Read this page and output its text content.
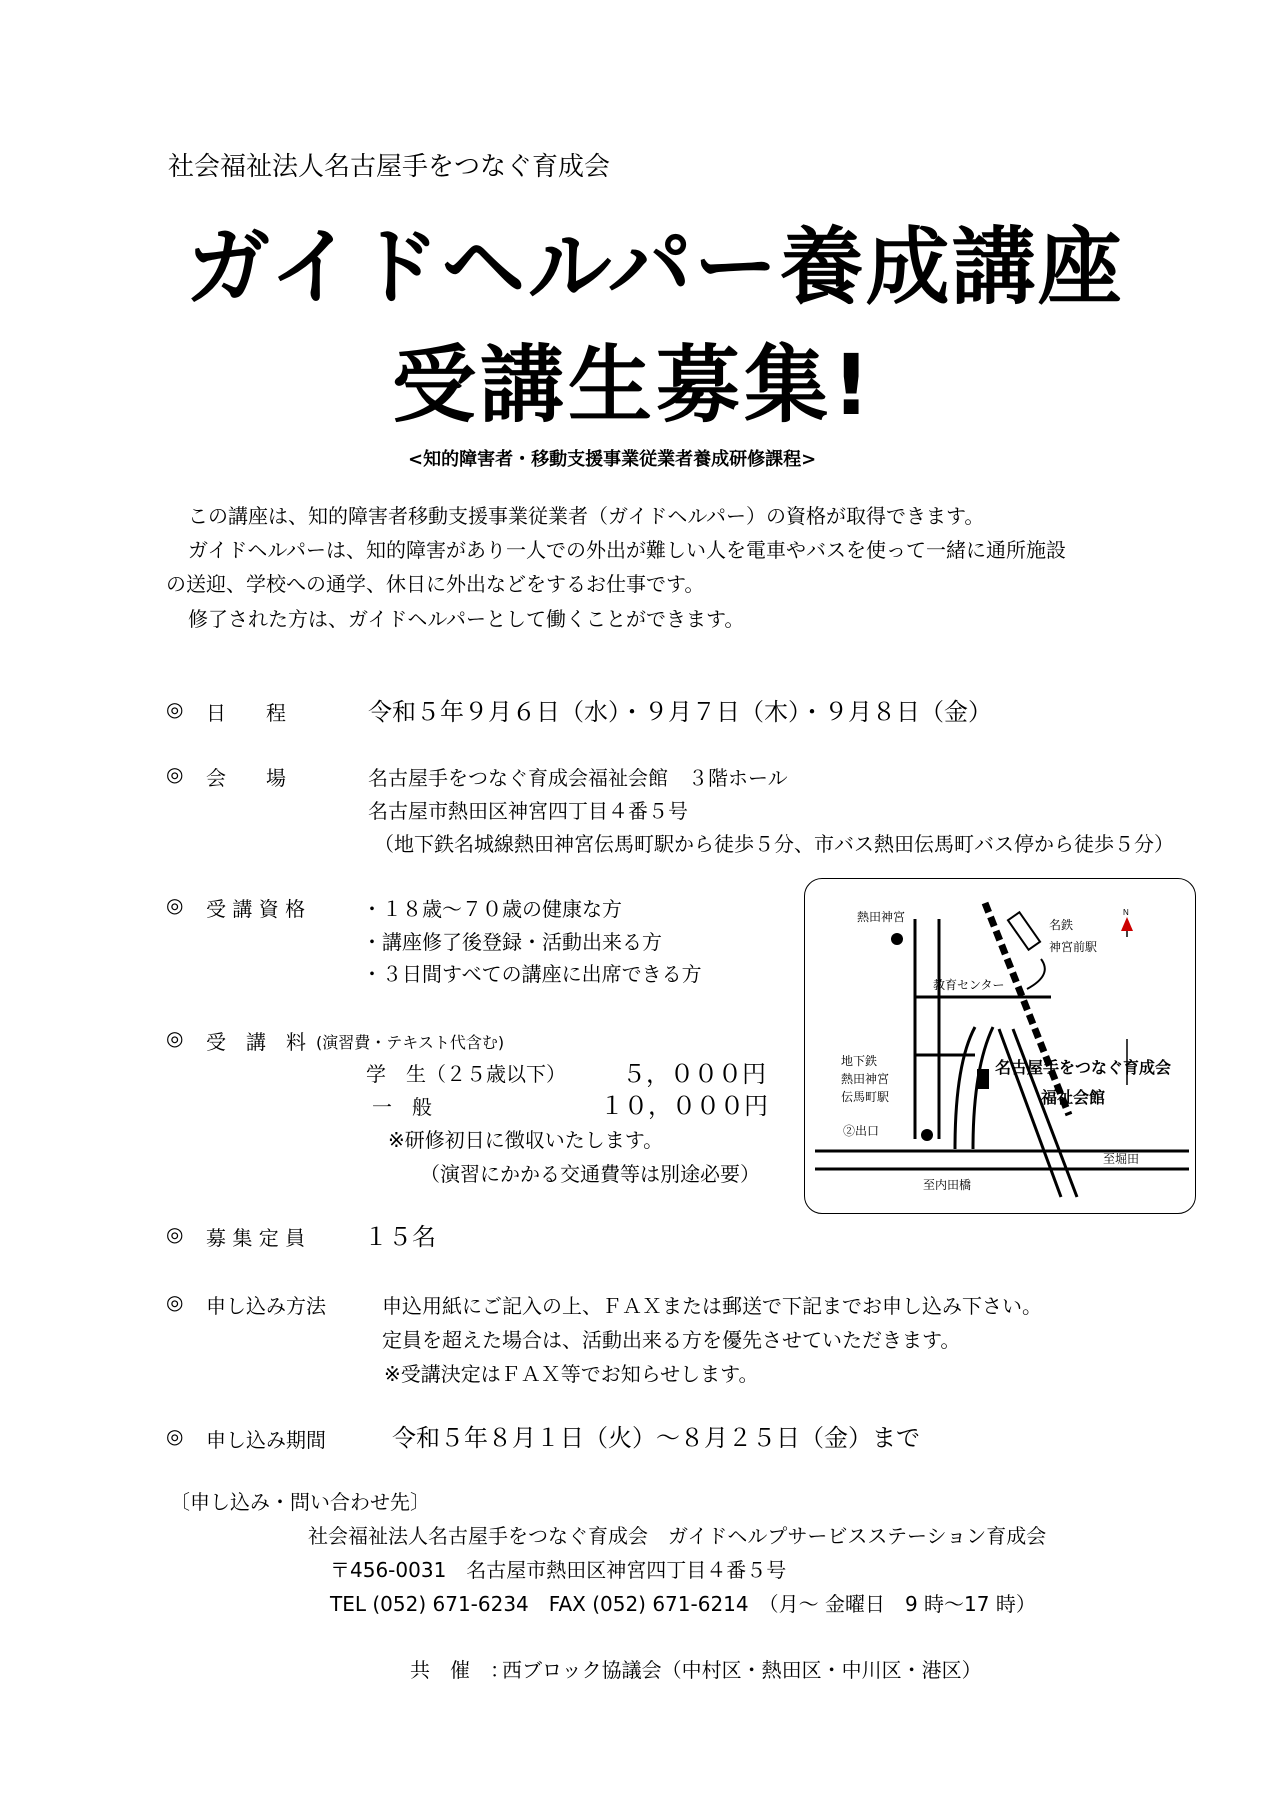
社会福祉法人名古屋手をつなぐ育成会
ガイドヘルパー養成講座
受講生募集!
<知的障害者・移動支援事業従業者養成研修課程>
この講座は、知的障害者移動支援事業従業者（ガイドヘルパー）の資格が取得できます。
ガイドヘルパーは、知的障害があり一人での外出が難しい人を電車やバスを使って一緒に通所施設
の送迎、学校への通学、休日に外出などをするお仕事です。
修了された方は、ガイドヘルパーとして働くことができます。
◎ 日　　程	令和５年９月６日（水）・９月７日（木）・９月８日（金）
◎ 会　　場	名古屋手をつなぐ育成会福祉会館　３階ホール
名古屋市熱田区神宮四丁目４番５号
（地下鉄名城線熱田神宮伝馬町駅から徒歩５分、市バス熱田伝馬町バス停から徒歩５分）
◎ 受 講 資 格	・１８歳～７０歳の健康な方
・講座修了後登録・活動出来る方
・３日間すべての講座に出席できる方
◎ 受　講　料 (演習費・テキスト代含む)
学　生（２５歳以下） ５，０００円
一　般	１０，０００円
※研修初日に徴収いたします。
（演習にかかる交通費等は別途必要）
◎ 募 集 定 員 １５名
◎ 申し込み方法	申込用紙にご記入の上、ＦＡＸまたは郵送で下記までお申し込み下さい。
定員を超えた場合は、活動出来る方を優先させていただきます。
※受講決定はＦＡＸ等でお知らせします。
◎ 申し込み期間	令和５年８月１日（火）～８月２５日（金）まで
〔申し込み・問い合わせ先〕
社会福祉法人名古屋手をつなぐ育成会　ガイドヘルプサービスステーション育成会
〒456-0031　名古屋市熱田区神宮四丁目４番５号
TEL (052) 671-6234　FAX (052) 671-6214　（月～ 金曜日　9 時～17 時）
共　催　：
西ブロック協議会（中村区・熱田区・中川区・港区）
熱田神宮
名鉄
神宮前駅
N
教育センター
名古屋手をつなぐ育成会
福祉会館
地下鉄
熱田神宮
伝馬町駅
②出口
至堀田
至内田橋
